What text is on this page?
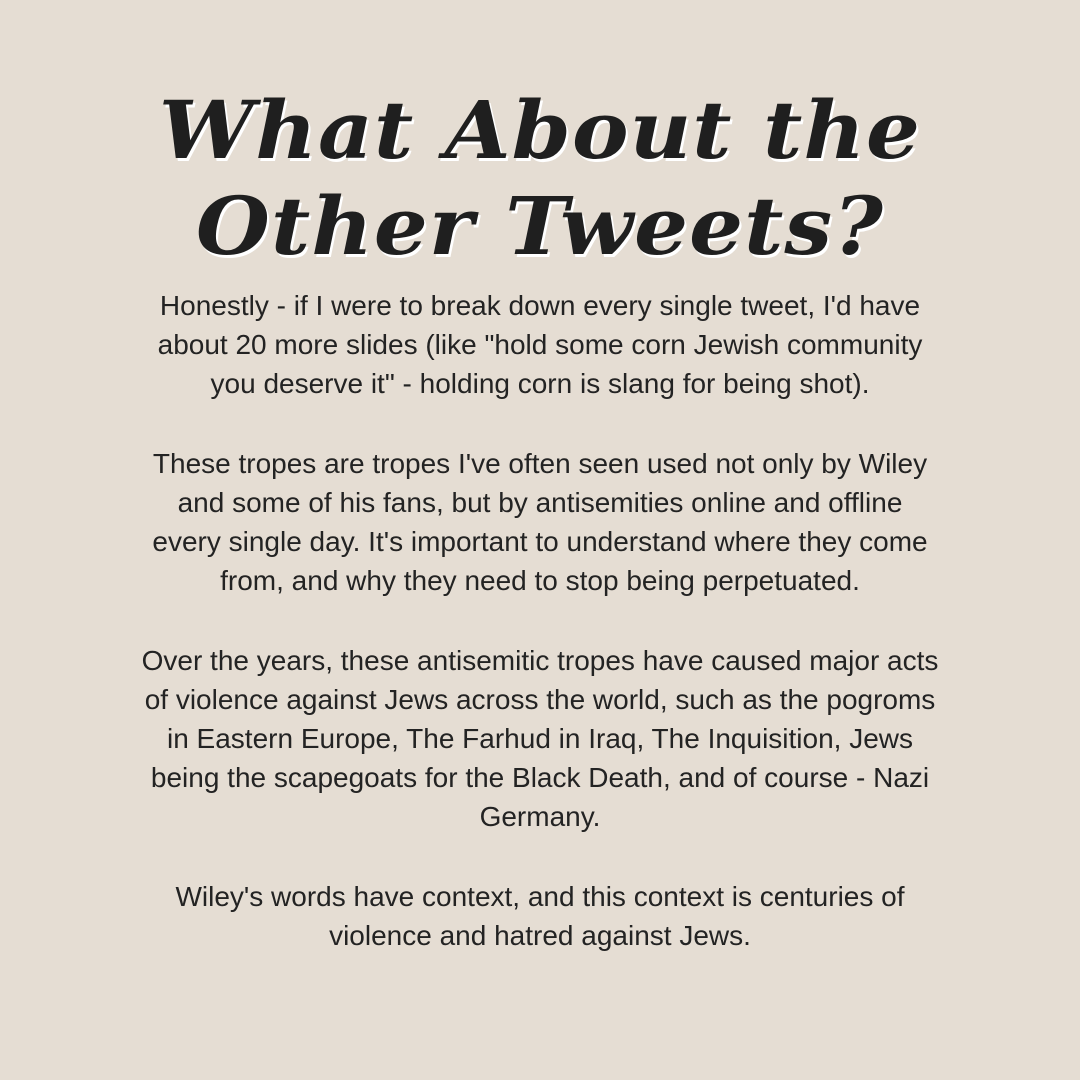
What About the
Other Tweets?

Honestly - if I were to break down every single tweet, I'd have
about 20 more slides (like "hold some corn Jewish community
you deserve it" - holding corn is slang for being shot).

These tropes are tropes I've often seen used not only by Wiley
and some of his fans, but by antisemities online and offline
every single day. It's important to understand where they come
from, and why they need to stop being perpetuated.

Over the years, these antisemitic tropes have caused major acts
of violence against Jews across the world, such as the pogroms
in Eastern Europe, The Farhud in Iraq, The Inquisition, Jews
being the scapegoats for the Black Death, and of course - Nazi
Germany.

Wiley's words have context, and this context is centuries of
violence and hatred against Jews.
